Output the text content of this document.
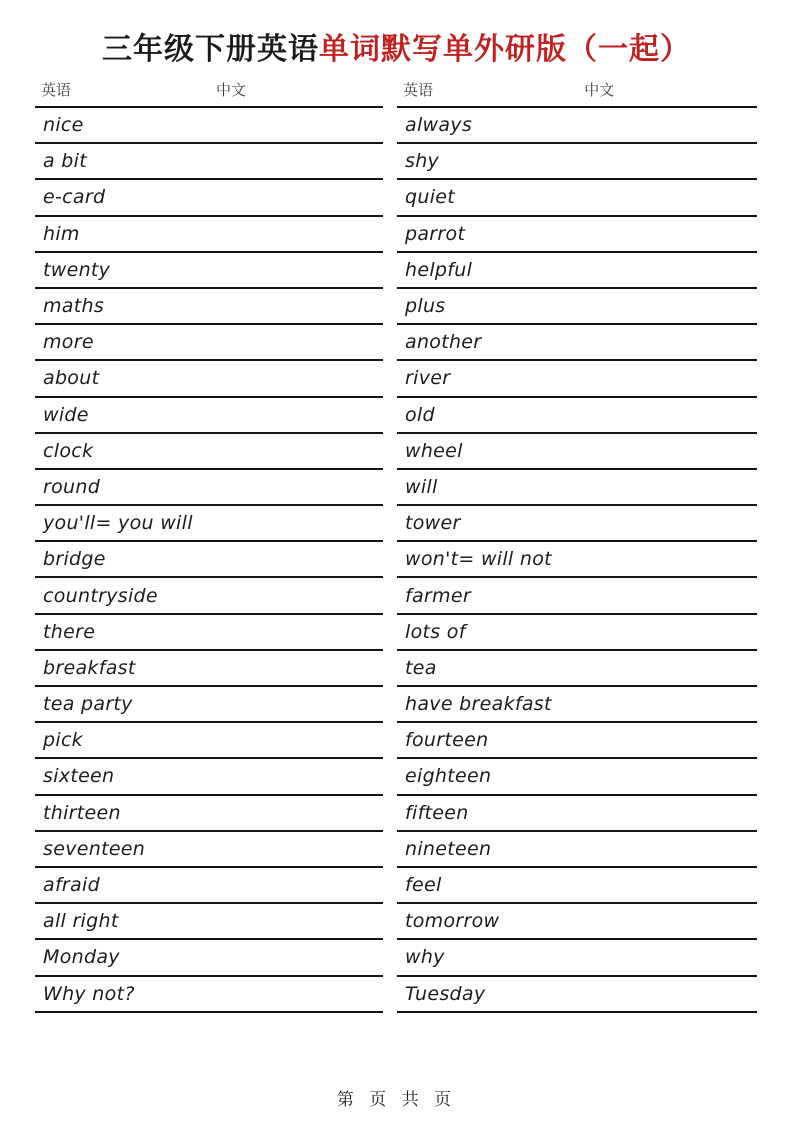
三年级下册英语单词默写单外研版（一起）
英语	中文
nice
a bit
e-card
him
twenty
maths
more
about
wide
clock
round
you'll= you will
bridge
countryside
there
breakfast
tea party
pick
sixteen
thirteen
seventeen
afraid
all right
Monday
Why not?
英语	中文
always
shy
quiet
parrot
helpful
plus
another
river
old
wheel
will
tower
won't= will not
farmer
lots of
tea
have breakfast
fourteen
eighteen
fifteen
nineteen
feel
tomorrow
why
Tuesday
第 页 共 页
